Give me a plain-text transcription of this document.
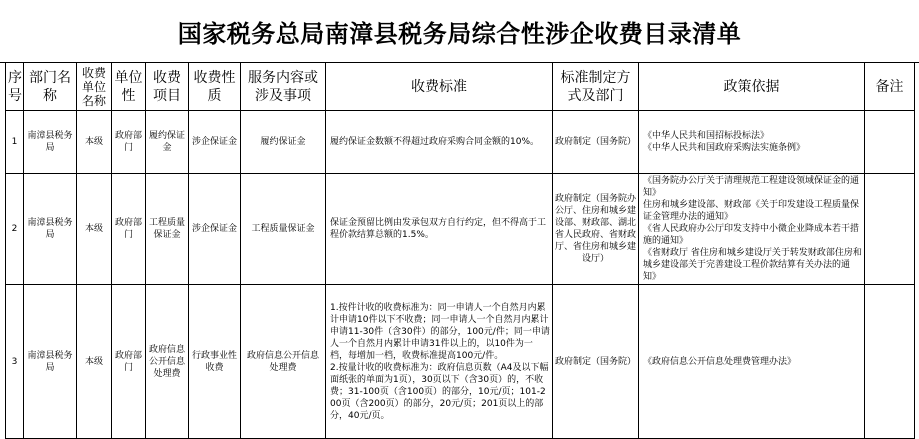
国家税务总局南漳县税务局综合性涉企收费目录清单
序号	部门名称	收费单位名称	单位性	收费项目	收费性质	服务内容或涉及事项	收费标准	标准制定方式及部门	政策依据	备注
1	南漳县税务局	本级	政府部门	履约保证金	涉企保证金	履约保证金	履约保证金数额不得超过政府采购合同金额的10%。	政府制定（国务院）	《中华人民共和国招标投标法》
《中华人民共和国政府采购法实施条例》	

2	南漳县税务局	本级	政府部门	工程质量保证金	涉企保证金	工程质量保证金	保证金预留比例由发承包双方自行约定，但不得高于工程价款结算总额的1.5%。	政府制定（国务院办公厅、住房和城乡建设部、财政部、湖北省人民政府、省财政厅、省住房和城乡建设厅）	《国务院办公厅关于清理规范工程建设领域保证金的通知》
住房和城乡建设部、财政部《关于印发建设工程质量保证金管理办法的通知》
《省人民政府办公厅印发支持中小微企业降成本若干措施的通知》
《省财政厅 省住房和城乡建设厅关于转发财政部住房和城乡建设部关于完善建设工程价款结算有关办法的通知》	

3	南漳县税务局	本级	政府部门	政府信息公开信息处理费	行政事业性收费	政府信息公开信息处理费	1.按件计收的收费标准为：同一申请人一个自然月内累计申请10件以下不收费；同一申请人一个自然月内累计申请11-30件（含30件）的部分，100元/件；同一申请人一个自然月内累计申请31件以上的，以10件为一档，每增加一档，收费标准提高100元/件。
2.按量计收的收费标准为：政府信息页数（A4及以下幅面纸张的单面为1页），30页以下（含30页）的，不收费；31-100页（含100页）的部分，10元/页；101-200页（含200页）的部分，20元/页；201页以上的部分，40元/页。	政府制定（国务院）	《政府信息公开信息处理费管理办法》	
